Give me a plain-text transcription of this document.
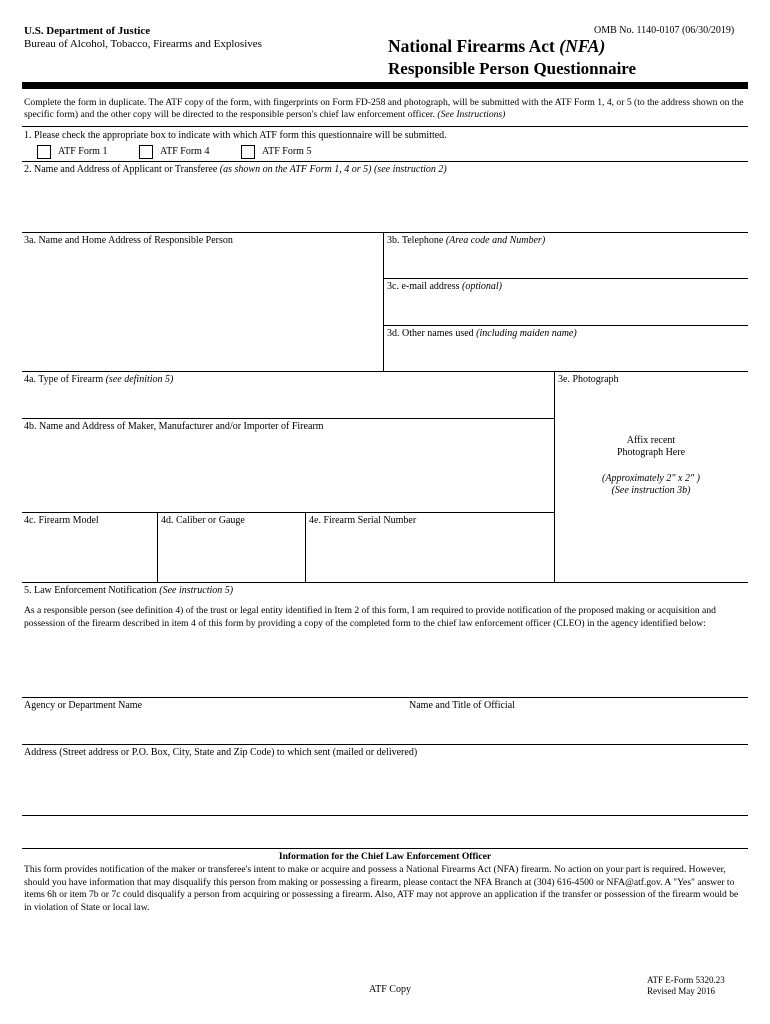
U.S. Department of Justice
Bureau of Alcohol, Tobacco, Firearms and Explosives
OMB No. 1140-0107 (06/30/2019)
National Firearms Act (NFA)
Responsible Person Questionnaire
Complete the form in duplicate. The ATF copy of the form, with fingerprints on Form FD-258 and photograph, will be submitted with the ATF Form 1, 4, or 5 (to the address shown on the specific form) and the other copy will be directed to the responsible person's chief law enforcement officer. (See Instructions)
1. Please check the appropriate box to indicate with which ATF form this questionnaire will be submitted.
ATF Form 1	ATF Form 4	ATF Form 5
2. Name and Address of Applicant or Transferee (as shown on the ATF Form 1, 4 or 5) (see instruction 2)
3a. Name and Home Address of Responsible Person	3b. Telephone (Area code and Number)
3c. e-mail address (optional)
3d. Other names used (including maiden name)
4a. Type of Firearm (see definition 5)
4b. Name and Address of Maker, Manufacturer and/or Importer of Firearm
4c. Firearm Model	4d. Caliber or Gauge	4e. Firearm Serial Number
3e. Photograph
Affix recent
Photograph Here
(Approximately 2" x 2" )
(See instruction 3b)
5. Law Enforcement Notification (See instruction 5)
As a responsible person (see definition 4) of the trust or legal entity identified in Item 2 of this form, I am required to provide notification of the proposed making or acquisition and possession of the firearm described in item 4 of this form by providing a copy of the completed form to the chief law enforcement officer (CLEO) in the agency identified below:
Agency or Department Name	Name and Title of Official
Address (Street address or P.O. Box, City, State and Zip Code) to which sent (mailed or delivered)
Information for the Chief Law Enforcement Officer
This form provides notification of the maker or transferee's intent to make or acquire and possess a National Firearms Act (NFA) firearm. No action on your part is required. However, should you have information that may disqualify this person from making or possessing a firearm, please contact the NFA Branch at (304) 616-4500 or NFA@atf.gov. A "Yes" answer to items 6h or item 7b or 7c could disqualify a person from acquiring or possessing a firearm. Also, ATF may not approve an application if the transfer or possession of the firearm would be in violation of State or local law.
ATF Copy
ATF E-Form 5320.23
Revised May 2016
